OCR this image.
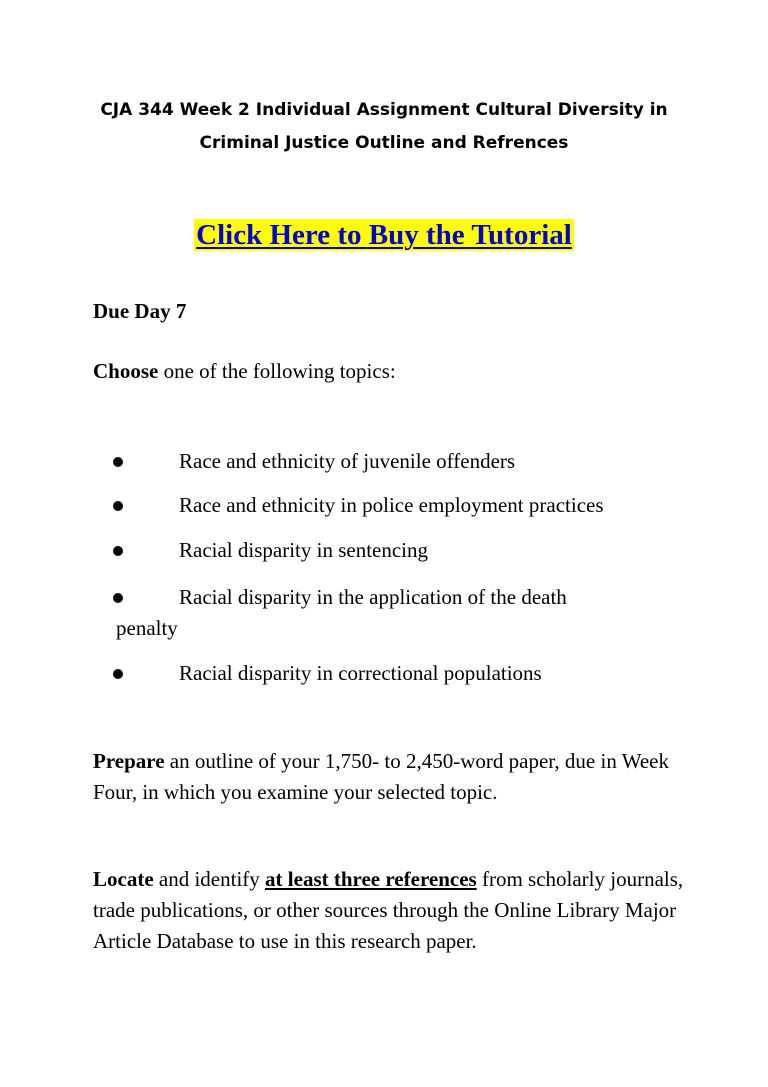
CJA 344 Week 2 Individual Assignment Cultural Diversity in
Criminal Justice Outline and Refrences
Click Here to Buy the Tutorial
Due Day 7
Choose one of the following topics:
Race and ethnicity of juvenile offenders
Race and ethnicity in police employment practices
Racial disparity in sentencing
Racial disparity in the application of the death
penalty
Racial disparity in correctional populations
Prepare an outline of your 1,750- to 2,450-word paper, due in Week Four, in which you examine your selected topic.
Locate and identify at least three references from scholarly journals, trade publications, or other sources through the Online Library Major Article Database to use in this research paper.
